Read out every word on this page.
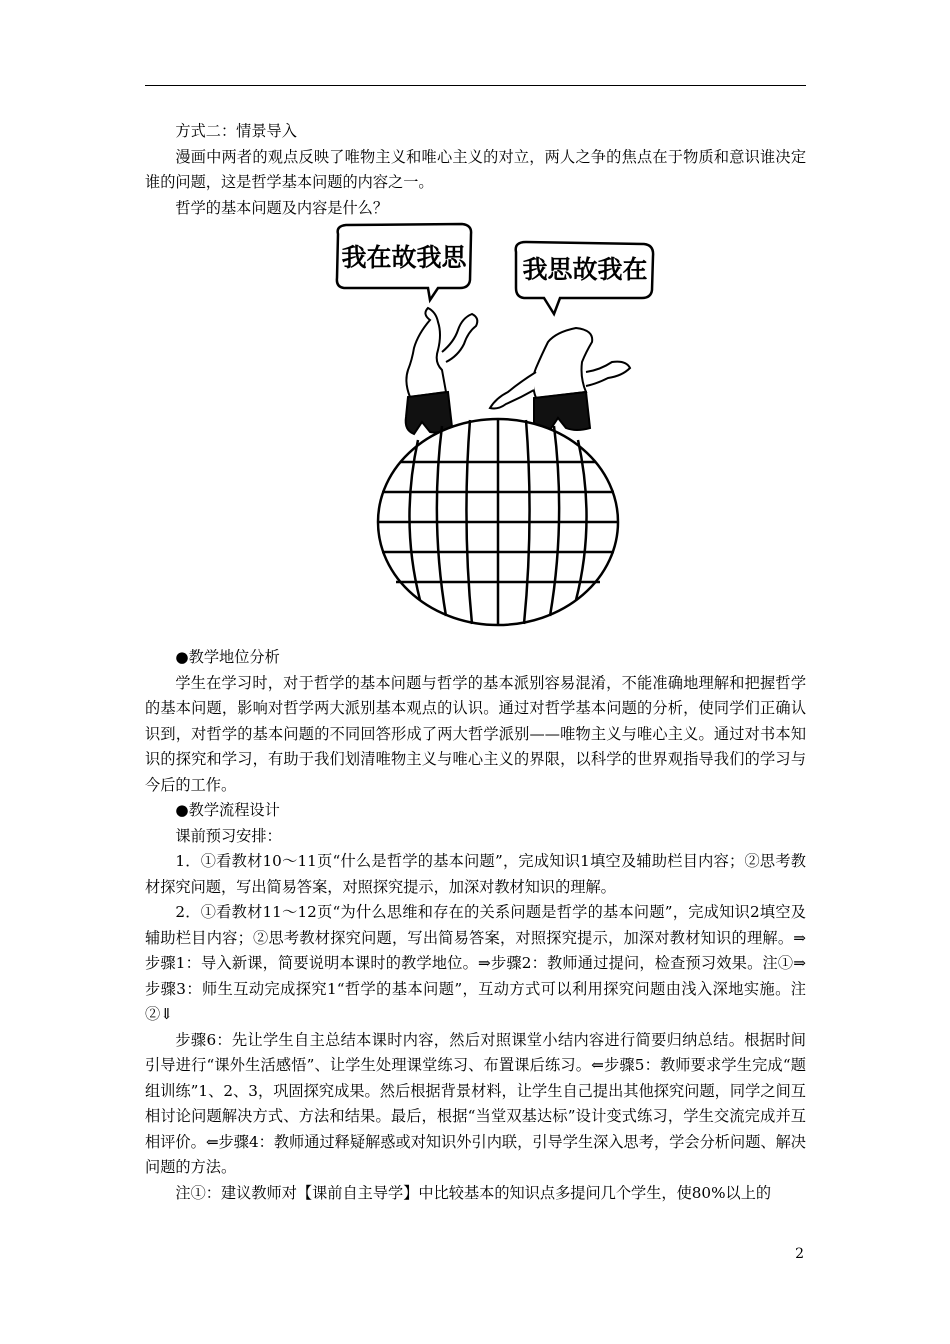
方式二：情景导入

漫画中两者的观点反映了唯物主义和唯心主义的对立，两人之争的焦点在于物质和意识谁决定谁的问题，这是哲学基本问题的内容之一。

哲学的基本问题及内容是什么？

我在故我思 我思故我在

●教学地位分析

学生在学习时，对于哲学的基本问题与哲学的基本派别容易混淆，不能准确地理解和把握哲学的基本问题，影响对哲学两大派别基本观点的认识。通过对哲学基本问题的分析，使同学们正确认识到，对哲学的基本问题的不同回答形成了两大哲学派别——唯物主义与唯心主义。通过对书本知识的探究和学习，有助于我们划清唯物主义与唯心主义的界限，以科学的世界观指导我们的学习与今后的工作。

●教学流程设计

课前预习安排：

1．①看教材10～11页“什么是哲学的基本问题”，完成知识1填空及辅助栏目内容；②思考教材探究问题，写出简易答案，对照探究提示，加深对教材知识的理解。

2．①看教材11～12页“为什么思维和存在的关系问题是哲学的基本问题”，完成知识2填空及辅助栏目内容；②思考教材探究问题，写出简易答案，对照探究提示，加深对教材知识的理解。⇒步骤1：导入新课，简要说明本课时的教学地位。⇒步骤2：教师通过提问，检查预习效果。注①⇒步骤3：师生互动完成探究1“哲学的基本问题”，互动方式可以利用探究问题由浅入深地实施。注②⇓

步骤6：先让学生自主总结本课时内容，然后对照课堂小结内容进行简要归纳总结。根据时间引导进行“课外生活感悟”、让学生处理课堂练习、布置课后练习。⇐步骤5：教师要求学生完成“题组训练”1、2、3，巩固探究成果。然后根据背景材料，让学生自己提出其他探究问题，同学之间互相讨论问题解决方式、方法和结果。最后，根据“当堂双基达标”设计变式练习，学生交流完成并互相评价。⇐步骤4：教师通过释疑解惑或对知识外引内联，引导学生深入思考，学会分析问题、解决问题的方法。

注①：建议教师对【课前自主导学】中比较基本的知识点多提问几个学生，使80%以上的

2
